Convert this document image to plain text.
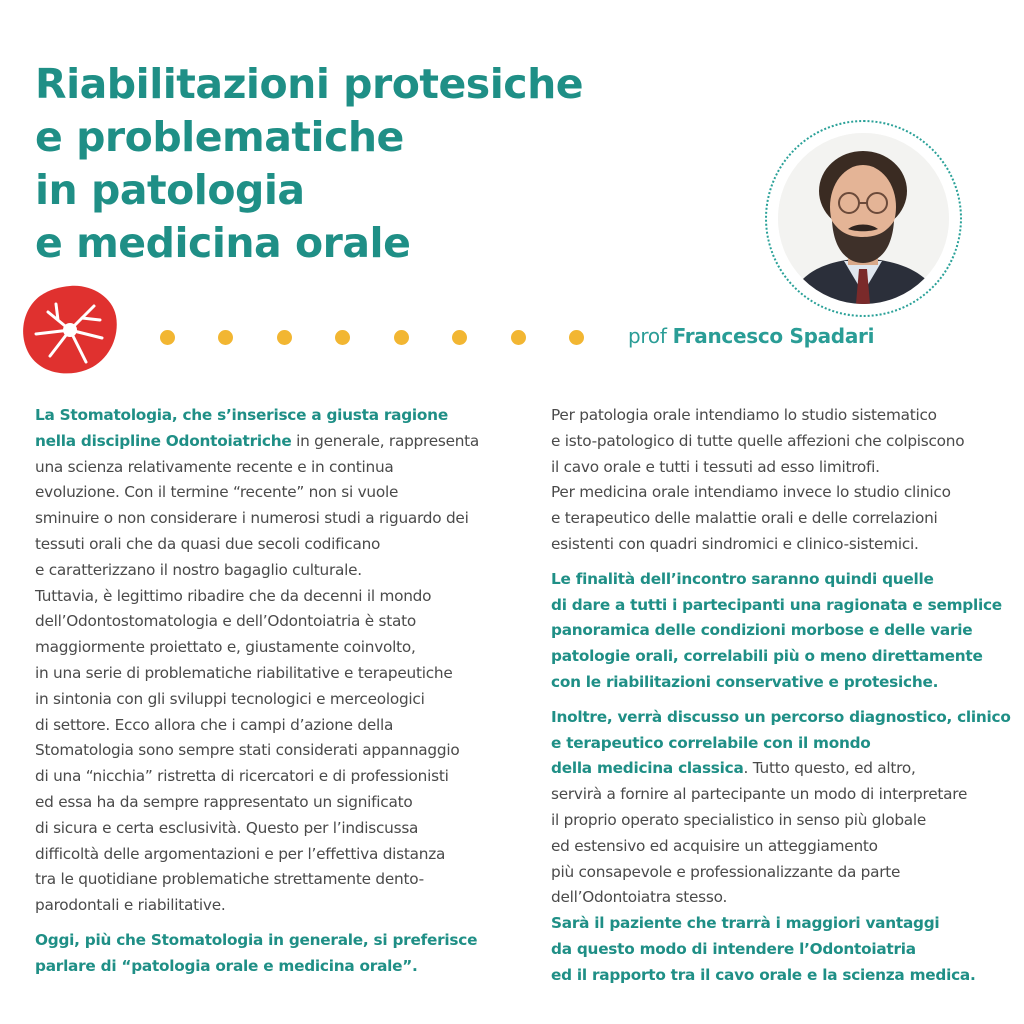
Riabilitazioni protesiche
e problematiche
in patologia
e medicina orale
prof Francesco Spadari

La Stomatologia, che s’inserisce a giusta ragione

nella discipline Odontoiatriche in generale, rappresenta

una scienza relativamente recente e in continua

evoluzione. Con il termine “recente” non si vuole

sminuire o non considerare i numerosi studi a riguardo dei

tessuti orali che da quasi due secoli codificano

e caratterizzano il nostro bagaglio culturale.

Tuttavia, è legittimo ribadire che da decenni il mondo

dell’Odontostomatologia e dell’Odontoiatria è stato

maggiormente proiettato e, giustamente coinvolto,

in una serie di problematiche riabilitative e terapeutiche

in sintonia con gli sviluppi tecnologici e merceologici

di settore. Ecco allora che i campi d’azione della

Stomatologia sono sempre stati considerati appannaggio

di una “nicchia” ristretta di ricercatori e di professionisti

ed essa ha da sempre rappresentato un significato

di sicura e certa esclusività. Questo per l’indiscussa

difficoltà delle argomentazioni e per l’effettiva distanza

tra le quotidiane problematiche strettamente dento-

parodontali e riabilitative.

Oggi, più che Stomatologia in generale, si preferisce

parlare di “patologia orale e medicina orale”.

Per patologia orale intendiamo lo studio sistematico

e isto-patologico di tutte quelle affezioni che colpiscono

il cavo orale e tutti i tessuti ad esso limitrofi.

Per medicina orale intendiamo invece lo studio clinico

e terapeutico delle malattie orali e delle correlazioni

esistenti con quadri sindromici e clinico-sistemici.

Le finalità dell’incontro saranno quindi quelle

di dare a tutti i partecipanti una ragionata e semplice

panoramica delle condizioni morbose e delle varie

patologie orali, correlabili più o meno direttamente

con le riabilitazioni conservative e protesiche.

Inoltre, verrà discusso un percorso diagnostico, clinico

e terapeutico correlabile con il mondo

della medicina classica. Tutto questo, ed altro,

servirà a fornire al partecipante un modo di interpretare

il proprio operato specialistico in senso più globale

ed estensivo ed acquisire un atteggiamento

più consapevole e professionalizzante da parte

dell’Odontoiatra stesso.

Sarà il paziente che trarrà i maggiori vantaggi

da questo modo di intendere l’Odontoiatria

ed il rapporto tra il cavo orale e la scienza medica.
